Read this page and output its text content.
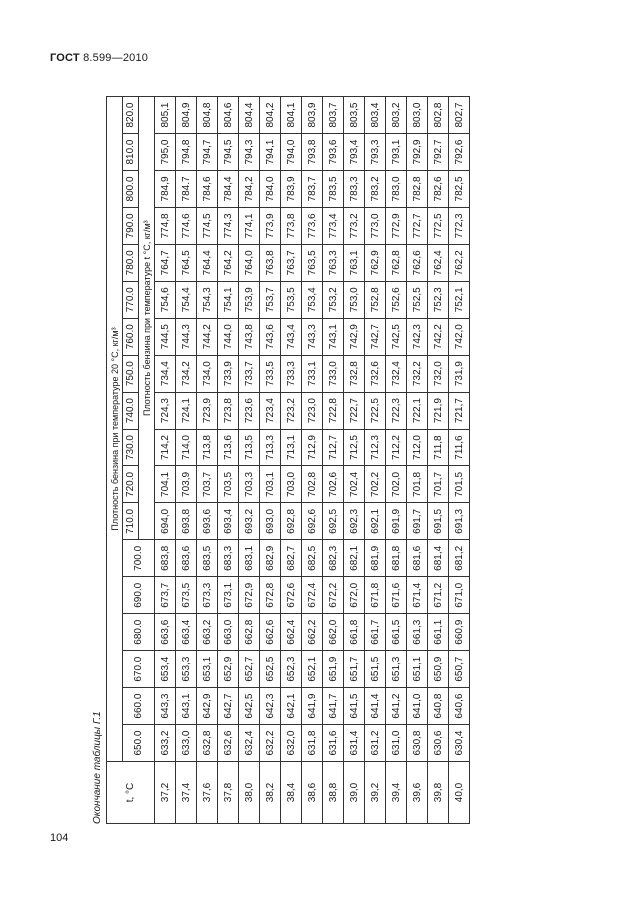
ГОСТ 8.599—2010
Окончание таблицы Г.1 t, °C	Плотность бензина при температуре 20 °C, кг/м³																	
	650.0	660.0	670.0	680.0	690.0	700.0	710.0	720.0	730.0	740.0	750.0	760.0	770.0	780.0	790.0	800.0	810.0	820.0
							Плотность бензина при температуре t °C, кг/м³											
37,2	633,2	643,3	653,4	663,6	673,7	683,8	694,0	704,1	714,2	724,3	734,4	744,5	754,6	764,7	774,8	784,9	795,0	805,1
37,4	633,0	643,1	653,3	663,4	673,5	683,6	693,8	703,9	714,0	724,1	734,2	744,3	754,4	764,5	774,6	784.7	794,8	804,9
37,6	632,8	642,9	653,1	663,2	673,3	683,5	693,6	703,7	713,8	723,9	734,0	744,2	754,3	764,4	774,5	784,6	794,7	804,8
37,8	632,6	642,7	652,9	663,0	673,1	683,3	693,4	703,5	713,6	723,8	733,9	744,0	754,1	764,2	774,3	784,4	794,5	804,6
38,0	632,4	642,5	652,7	662,8	672,9	683,1	693,2	703,3	713,5	723,6	733,7	743,8	753,9	764,0	774,1	784,2	794,3	804,4
38,2	632,2	642,3	652,5	662,6	672,8	682,9	693,0	703,1	713,3	723,4	733,5	743,6	753,7	763,8	773,9	784,0	794,1	804,2
38,4	632,0	642,1	652,3	662,4	672,6	682,7	692,8	703,0	713,1	723,2	733,3	743,4	753,5	763,7	773,8	783,9	794,0	804,1
38,6	631,8	641,9	652,1	662,2	672,4	682,5	692,6	702,8	712,9	723,0	733,1	743,3	753,4	763,5	773,6	783,7	793,8	803,9
38,8	631,6	641,7	651,9	662,0	672,2	682,3	692,5	702,6	712,7	722,8	733,0	743,1	753,2	763,3	773,4	783,5	793,6	803,7
39,0	631,4	641,5	651,7	661,8	672,0	682,1	692,3	702,4	712,5	722,7	732,8	742,9	753,0	763,1	773,2	783,3	793,4	803,5
39,2	631,2	641,4	651,5	661,7	671,8	681,9	692,1	702,2	712,3	722,5	732,6	742,7	752,8	762,9	773,0	783,2	793,3	803,4
39,4	631,0	641,2	651,3	661,5	671,6	681,8	691,9	702,0	712,2	722,3	732,4	742,5	752,6	762,8	772,9	783,0	793,1	803,2
39,6	630,8	641,0	651,1	661,3	671,4	681,6	691,7	701,8	712,0	722,1	732,2	742,3	752,5	762,6	772,7	782,8	792,9	803,0
39,8	630,6	640,8	650,9	661,1	671,2	681,4	691,5	701,7	711,8	721,9	732,0	742,2	752,3	762,4	772,5	782,6	792.7	802,8
40,0	630,4	640,6	650,7	660,9	671,0	681,2	691,3	701,5	711,6	721,7	731,9	742,0	752,1	762,2	772,3	782,5	792,6	802,7
104
